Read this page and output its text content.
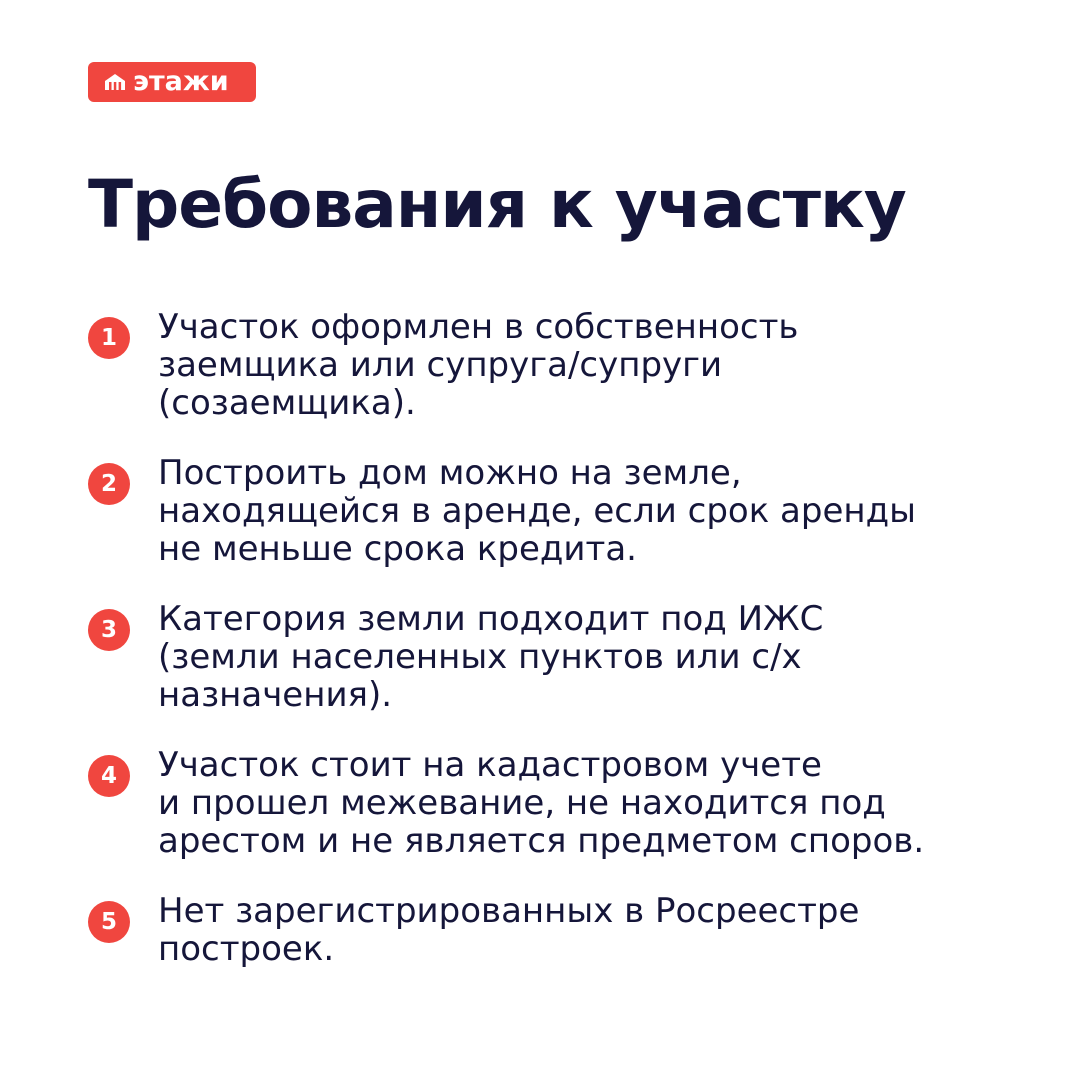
этажи
Требования к участку
1	Участок оформлен в собственность
заемщика или супруга/супруги
(созаемщика).

2	Построить дом можно на земле,
находящейся в аренде, если срок аренды
не меньше срока кредита.

3	Категория земли подходит под ИЖС
(земли населенных пунктов или с/х
назначения).

4	Участок стоит на кадастровом учете
и прошел межевание, не находится под
арестом и не является предметом споров.

5	Нет зарегистрированных в Росреестре
построек.
